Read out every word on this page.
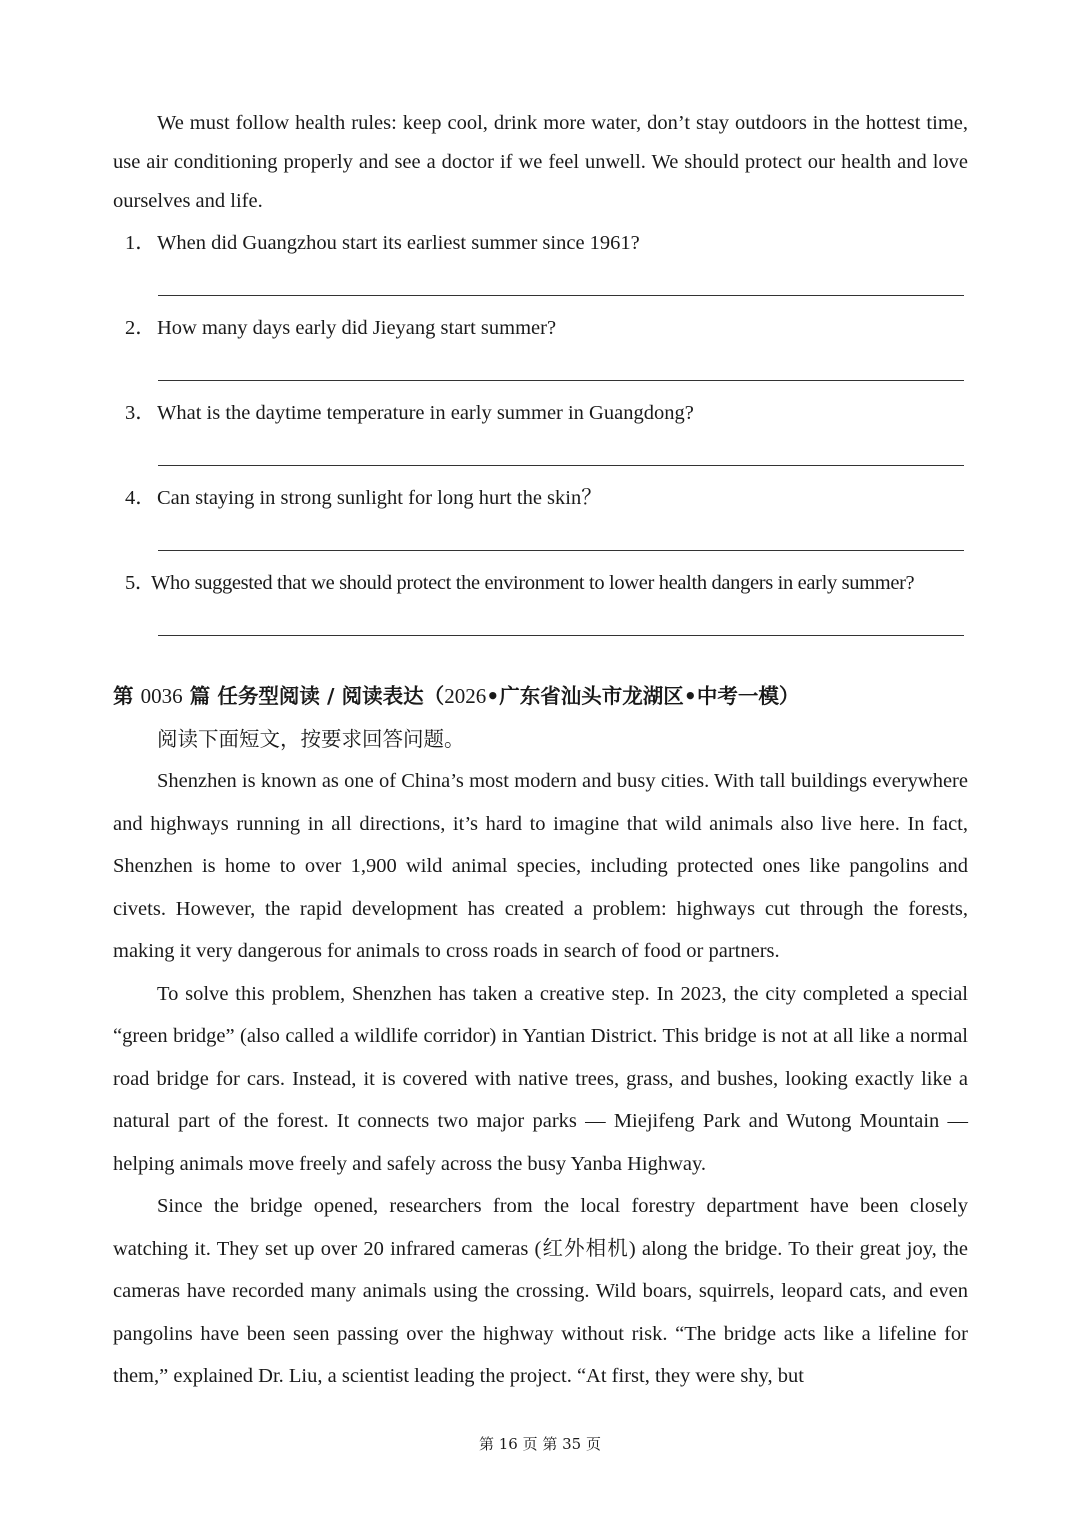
We must follow health rules: keep cool, drink more water, don’t stay outdoors in the hottest time, use air conditioning properly and see a doctor if we feel unwell. We should protect our health and love ourselves and life.

1．When did Guangzhou start its earliest summer since 1961?
2．How many days early did Jieyang start summer?
3．What is the daytime temperature in early summer in Guangdong?
4．Can staying in strong sunlight for long hurt the skin？
5．Who suggested that we should protect the environment to lower health dangers in early summer?
第 0036 篇 任务型阅读 / 阅读表达（2026•广东省汕头市龙湖区•中考一模）
阅读下面短文，按要求回答问题。

Shenzhen is known as one of China’s most modern and busy cities. With tall buildings everywhere and highways running in all directions, it’s hard to imagine that wild animals also live here. In fact, Shenzhen is home to over 1,900 wild animal species, including protected ones like pangolins and civets. However, the rapid development has created a problem: highways cut through the forests, making it very dangerous for animals to cross roads in search of food or partners.

To solve this problem, Shenzhen has taken a creative step. In 2023, the city completed a special “green bridge” (also called a wildlife corridor) in Yantian District. This bridge is not at all like a normal road bridge for cars. Instead, it is covered with native trees, grass, and bushes, looking exactly like a natural part of the forest. It connects two major parks — Miejifeng Park and Wutong Mountain — helping animals move freely and safely across the busy Yanba Highway.

Since the bridge opened, researchers from the local forestry department have been closely watching it. They set up over 20 infrared cameras (红外相机) along the bridge. To their great joy, the cameras have recorded many animals using the crossing. Wild boars, squirrels, leopard cats, and even pangolins have been seen passing over the highway without risk. “The bridge acts like a lifeline for them,” explained Dr. Liu, a scientist leading the project. “At first, they were shy, but

第 16 页 第 35 页
